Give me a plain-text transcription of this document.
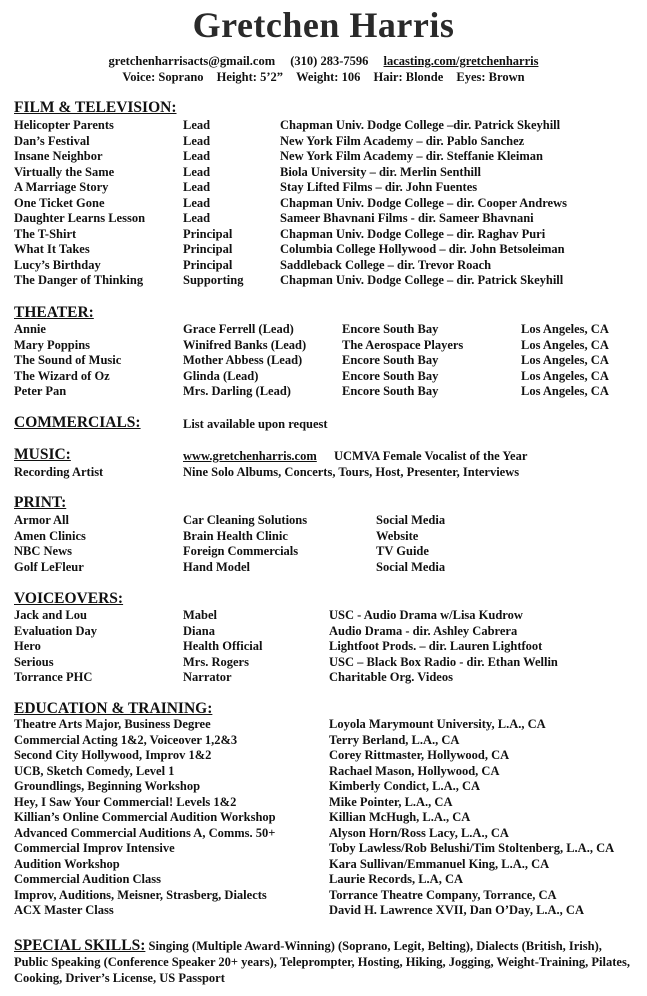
Gretchen Harris
gretchenharrisacts@gmail.com (310) 283-7596 lacasting.com/gretchenharris
Voice: Soprano Height: 5’2” Weight: 106 Hair: Blonde Eyes: Brown
FILM & TELEVISION:
Helicopter Parents	Lead	Chapman Univ. Dodge College –dir. Patrick Skeyhill
Dan’s Festival	Lead	New York Film Academy – dir. Pablo Sanchez
Insane Neighbor	Lead	New York Film Academy – dir. Steffanie Kleiman
Virtually the Same	Lead	Biola University – dir. Merlin Senthill
A Marriage Story	Lead	Stay Lifted Films – dir. John Fuentes
One Ticket Gone	Lead	Chapman Univ. Dodge College – dir. Cooper Andrews
Daughter Learns Lesson	Lead	Sameer Bhavnani Films - dir. Sameer Bhavnani
The T-Shirt	Principal	Chapman Univ. Dodge College – dir. Raghav Puri
What It Takes	Principal	Columbia College Hollywood – dir. John Betsoleiman
Lucy’s Birthday	Principal	Saddleback College – dir. Trevor Roach
The Danger of Thinking	Supporting	Chapman Univ. Dodge College – dir. Patrick Skeyhill
THEATER:
Annie	Grace Ferrell (Lead)	Encore South Bay	Los Angeles, CA
Mary Poppins	Winifred Banks (Lead)	The Aerospace Players	Los Angeles, CA
The Sound of Music	Mother Abbess (Lead)	Encore South Bay	Los Angeles, CA
The Wizard of Oz	Glinda (Lead)	Encore South Bay	Los Angeles, CA
Peter Pan	Mrs. Darling (Lead)	Encore South Bay	Los Angeles, CA
COMMERCIALS:	List available upon request
MUSIC:	www.gretchenharris.com UCMVA Female Vocalist of the Year
Recording Artist	Nine Solo Albums, Concerts, Tours, Host, Presenter, Interviews
PRINT:
Armor All	Car Cleaning Solutions	Social Media
Amen Clinics	Brain Health Clinic	Website
NBC News	Foreign Commercials	TV Guide
Golf LeFleur	Hand Model	Social Media
VOICEOVERS:
Jack and Lou	Mabel	USC - Audio Drama w/Lisa Kudrow
Evaluation Day	Diana	Audio Drama - dir. Ashley Cabrera
Hero	Health Official	Lightfoot Prods. – dir. Lauren Lightfoot
Serious	Mrs. Rogers	USC – Black Box Radio - dir. Ethan Wellin
Torrance PHC	Narrator	Charitable Org. Videos
EDUCATION & TRAINING:
Theatre Arts Major, Business Degree	Loyola Marymount University, L.A., CA
Commercial Acting 1&2, Voiceover 1,2&3	Terry Berland, L.A., CA
Second City Hollywood, Improv 1&2	Corey Rittmaster, Hollywood, CA
UCB, Sketch Comedy, Level 1	Rachael Mason, Hollywood, CA
Groundlings, Beginning Workshop	Kimberly Condict, L.A., CA
Hey, I Saw Your Commercial! Levels 1&2	Mike Pointer, L.A., CA
Killian’s Online Commercial Audition Workshop	Killian McHugh, L.A., CA
Advanced Commercial Auditions A, Comms. 50+	Alyson Horn/Ross Lacy, L.A., CA
Commercial Improv Intensive	Toby Lawless/Rob Belushi/Tim Stoltenberg, L.A., CA
Audition Workshop	Kara Sullivan/Emmanuel King, L.A., CA
Commercial Audition Class	Laurie Records, L.A, CA
Improv, Auditions, Meisner, Strasberg, Dialects	Torrance Theatre Company, Torrance, CA
ACX Master Class	David H. Lawrence XVII, Dan O’Day, L.A., CA
SPECIAL SKILLS: Singing (Multiple Award-Winning) (Soprano, Legit, Belting), Dialects (British, Irish), Public Speaking (Conference Speaker 20+ years), Teleprompter, Hosting, Hiking, Jogging, Weight-Training, Pilates, Cooking, Driver’s License, US Passport
